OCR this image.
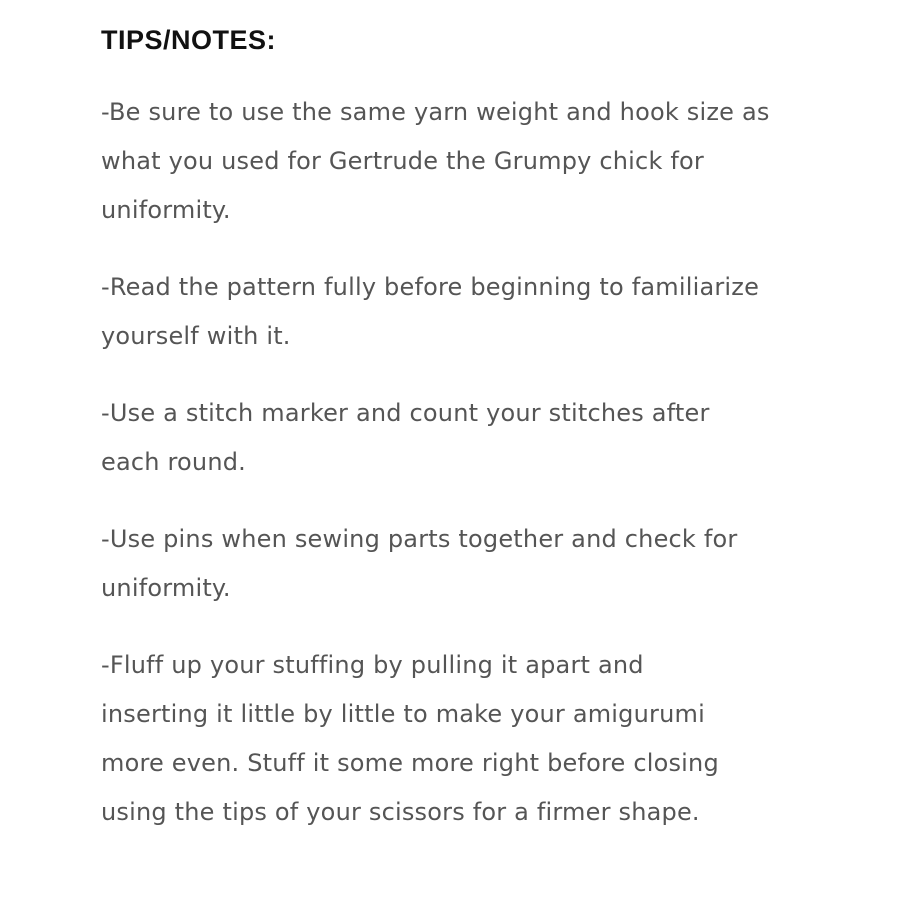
TIPS/NOTES:

-Be sure to use the same yarn weight and hook size as
what you used for Gertrude the Grumpy chick for
uniformity.

-Read the pattern fully before beginning to familiarize
yourself with it.

-Use a stitch marker and count your stitches after
each round.

-Use pins when sewing parts together and check for
uniformity.

-Fluff up your stuffing by pulling it apart and
inserting it little by little to make your amigurumi
more even. Stuff it some more right before closing
using the tips of your scissors for a firmer shape.
